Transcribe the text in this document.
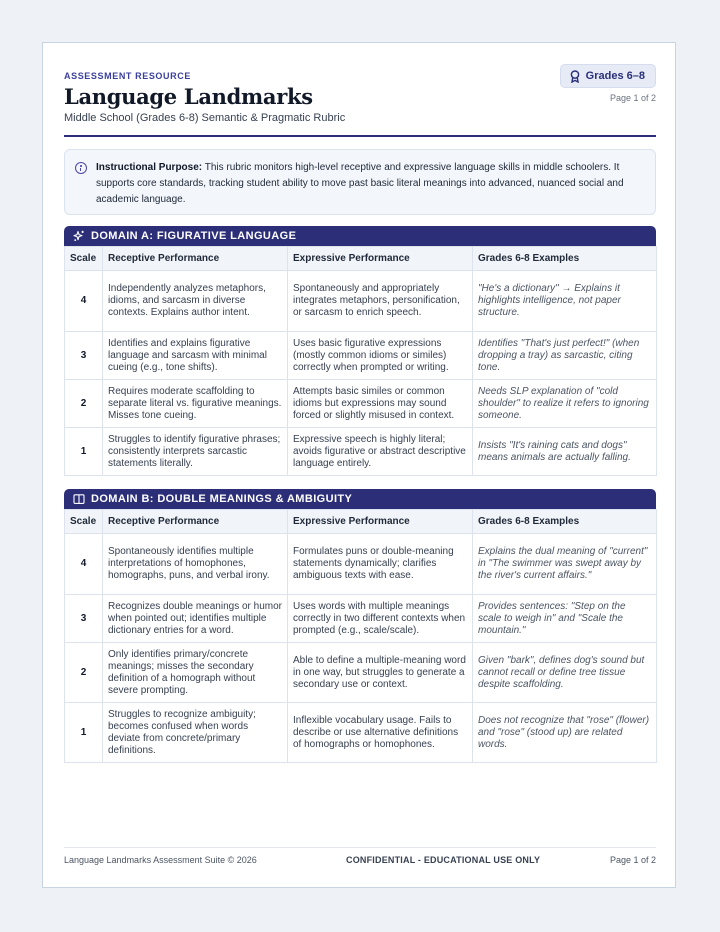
ASSESSMENT RESOURCE
Language Landmarks
Middle School (Grades 6-8) Semantic & Pragmatic Rubric
Grades 6–8
Page 1 of 2
Instructional Purpose: This rubric monitors high-level receptive and expressive language skills in middle schoolers. It supports core standards, tracking student ability to move past basic literal meanings into advanced, nuanced social and academic language.
DOMAIN A: FIGURATIVE LANGUAGE
Scale	Receptive Performance	Expressive Performance	Grades 6-8 Examples
4	Independently analyzes metaphors, idioms, and sarcasm in diverse contexts. Explains author intent.	Spontaneously and appropriately integrates metaphors, personification, or sarcasm to enrich speech.	"He's a dictionary" → Explains it highlights intelligence, not paper structure.
3	Identifies and explains figurative language and sarcasm with minimal cueing (e.g., tone shifts).	Uses basic figurative expressions (mostly common idioms or similes) correctly when prompted or writing.	Identifies "That's just perfect!" (when dropping a tray) as sarcastic, citing tone.
2	Requires moderate scaffolding to separate literal vs. figurative meanings. Misses tone cueing.	Attempts basic similes or common idioms but expressions may sound forced or slightly misused in context.	Needs SLP explanation of "cold shoulder" to realize it refers to ignoring someone.
1	Struggles to identify figurative phrases; consistently interprets sarcastic statements literally.	Expressive speech is highly literal; avoids figurative or abstract descriptive language entirely.	Insists "It's raining cats and dogs" means animals are actually falling.
DOMAIN B: DOUBLE MEANINGS & AMBIGUITY
Scale	Receptive Performance	Expressive Performance	Grades 6-8 Examples
4	Spontaneously identifies multiple interpretations of homophones, homographs, puns, and verbal irony.	Formulates puns or double-meaning statements dynamically; clarifies ambiguous texts with ease.	Explains the dual meaning of "current" in "The swimmer was swept away by the river's current affairs."
3	Recognizes double meanings or humor when pointed out; identifies multiple dictionary entries for a word.	Uses words with multiple meanings correctly in two different contexts when prompted (e.g., scale/scale).	Provides sentences: "Step on the scale to weigh in" and "Scale the mountain."
2	Only identifies primary/concrete meanings; misses the secondary definition of a homograph without severe prompting.	Able to define a multiple-meaning word in one way, but struggles to generate a secondary use or context.	Given "bark", defines dog's sound but cannot recall or define tree tissue despite scaffolding.
1	Struggles to recognize ambiguity; becomes confused when words deviate from concrete/primary definitions.	Inflexible vocabulary usage. Fails to describe or use alternative definitions of homographs or homophones.	Does not recognize that "rose" (flower) and "rose" (stood up) are related words.
Language Landmarks Assessment Suite © 2026	CONFIDENTIAL - EDUCATIONAL USE ONLY	Page 1 of 2
